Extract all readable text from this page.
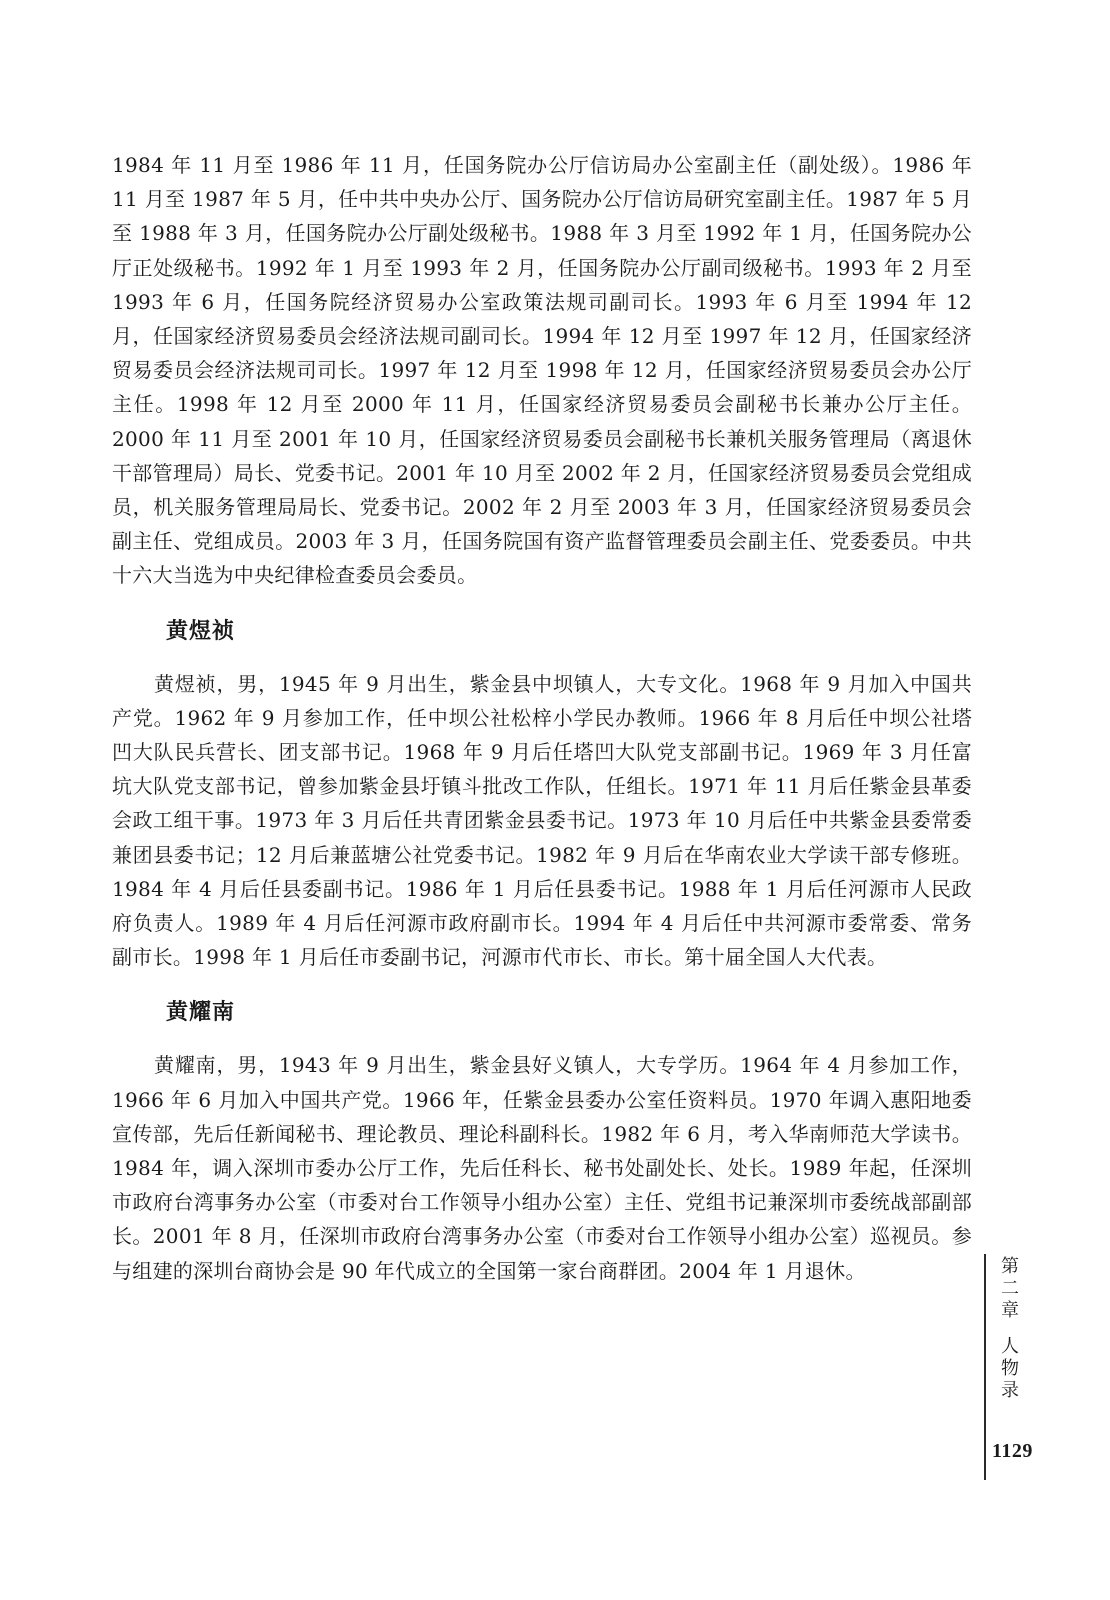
1984 年 11 月至 1986 年 11 月，任国务院办公厅信访局办公室副主任（副处级）。1986 年 11 月至 1987 年 5 月，任中共中央办公厅、国务院办公厅信访局研究室副主任。1987 年 5 月至 1988 年 3 月，任国务院办公厅副处级秘书。1988 年 3 月至 1992 年 1 月，任国务院办公厅正处级秘书。1992 年 1 月至 1993 年 2 月，任国务院办公厅副司级秘书。1993 年 2 月至 1993 年 6 月，任国务院经济贸易办公室政策法规司副司长。1993 年 6 月至 1994 年 12 月，任国家经济贸易委员会经济法规司副司长。1994 年 12 月至 1997 年 12 月，任国家经济贸易委员会经济法规司司长。1997 年 12 月至 1998 年 12 月，任国家经济贸易委员会办公厅主任。1998 年 12 月至 2000 年 11 月，任国家经济贸易委员会副秘书长兼办公厅主任。2000 年 11 月至 2001 年 10 月，任国家经济贸易委员会副秘书长兼机关服务管理局（离退休干部管理局）局长、党委书记。2001 年 10 月至 2002 年 2 月，任国家经济贸易委员会党组成员，机关服务管理局局长、党委书记。2002 年 2 月至 2003 年 3 月，任国家经济贸易委员会副主任、党组成员。2003 年 3 月，任国务院国有资产监督管理委员会副主任、党委委员。中共十六大当选为中央纪律检查委员会委员。

黄煜祯

黄煜祯，男，1945 年 9 月出生，紫金县中坝镇人，大专文化。1968 年 9 月加入中国共产党。1962 年 9 月参加工作，任中坝公社松梓小学民办教师。1966 年 8 月后任中坝公社塔凹大队民兵营长、团支部书记。1968 年 9 月后任塔凹大队党支部副书记。1969 年 3 月任富坑大队党支部书记，曾参加紫金县圩镇斗批改工作队，任组长。1971 年 11 月后任紫金县革委会政工组干事。1973 年 3 月后任共青团紫金县委书记。1973 年 10 月后任中共紫金县委常委兼团县委书记；12 月后兼蓝塘公社党委书记。1982 年 9 月后在华南农业大学读干部专修班。1984 年 4 月后任县委副书记。1986 年 1 月后任县委书记。1988 年 1 月后任河源市人民政府负责人。1989 年 4 月后任河源市政府副市长。1994 年 4 月后任中共河源市委常委、常务副市长。1998 年 1 月后任市委副书记，河源市代市长、市长。第十届全国人大代表。

黄耀南

黄耀南，男，1943 年 9 月出生，紫金县好义镇人，大专学历。1964 年 4 月参加工作，1966 年 6 月加入中国共产党。1966 年，任紫金县委办公室任资料员。1970 年调入惠阳地委宣传部，先后任新闻秘书、理论教员、理论科副科长。1982 年 6 月，考入华南师范大学读书。1984 年，调入深圳市委办公厅工作，先后任科长、秘书处副处长、处长。1989 年起，任深圳市政府台湾事务办公室（市委对台工作领导小组办公室）主任、党组书记兼深圳市委统战部副部长。2001 年 8 月，任深圳市政府台湾事务办公室（市委对台工作领导小组办公室）巡视员。参与组建的深圳台商协会是 90 年代成立的全国第一家台商群团。2004 年 1 月退休。	第
二
章
人
物
录
1129
